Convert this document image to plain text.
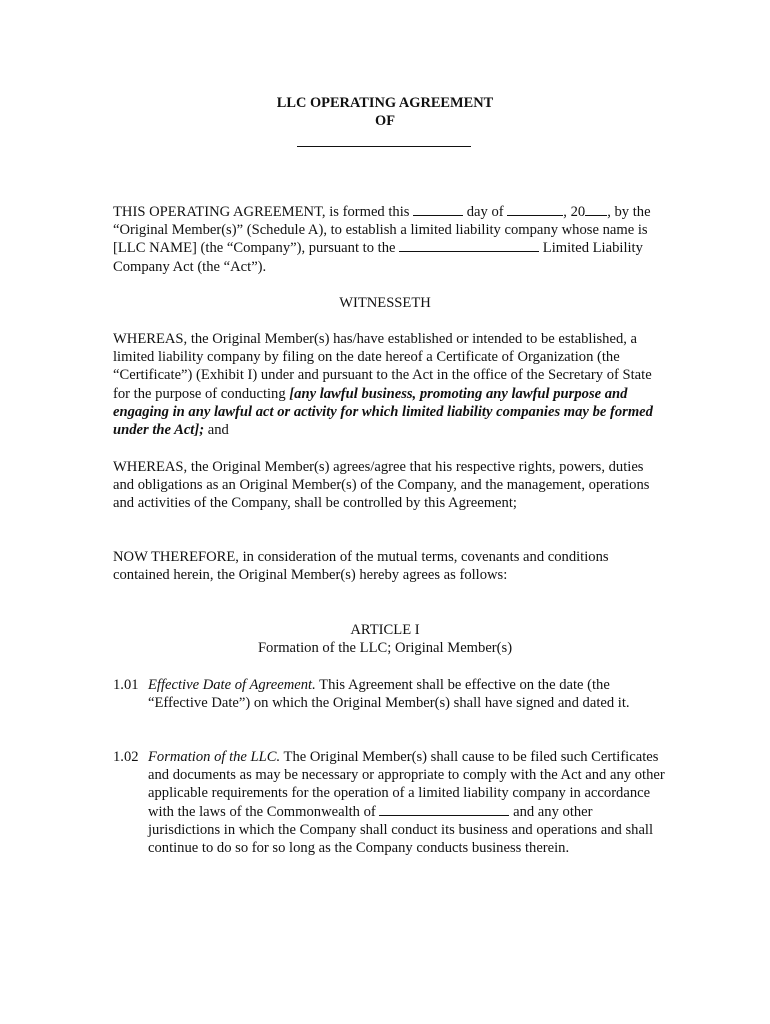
LLC OPERATING AGREEMENT
OF

THIS OPERATING AGREEMENT, is formed this	day of	, 20 , by the “Original Member(s)” (Schedule A), to establish a limited liability company whose name is [LLC NAME] (the “Company”), pursuant to the	Limited Liability Company Act (the “Act”).

WITNESSETH

WHEREAS, the Original Member(s) has/have established or intended to be established, a limited liability company by filing on the date hereof a Certificate of Organization (the “Certificate”) (Exhibit I) under and pursuant to the Act in the office of the Secretary of State for the purpose of conducting [any lawful business, promoting any lawful purpose and engaging in any lawful act or activity for which limited liability companies may be formed under the Act]; and

WHEREAS, the Original Member(s) agrees/agree that his respective rights, powers, duties and obligations as an Original Member(s) of the Company, and the management, operations and activities of the Company, shall be controlled by this Agreement;

NOW THEREFORE, in consideration of the mutual terms, covenants and conditions contained herein, the Original Member(s) hereby agrees as follows:

ARTICLE I
Formation of the LLC; Original Member(s)
1.01 Effective Date of Agreement. This Agreement shall be effective on the date (the “Effective Date”) on which the Original Member(s) shall have signed and dated it.
1.02 Formation of the LLC. The Original Member(s) shall cause to be filed such Certificates and documents as may be necessary or appropriate to comply with the Act and any other applicable requirements for the operation of a limited liability company in accordance with the laws of the Commonwealth of	and any other jurisdictions in which the Company shall conduct its business and operations and shall continue to do so for so long as the Company conducts business therein.
